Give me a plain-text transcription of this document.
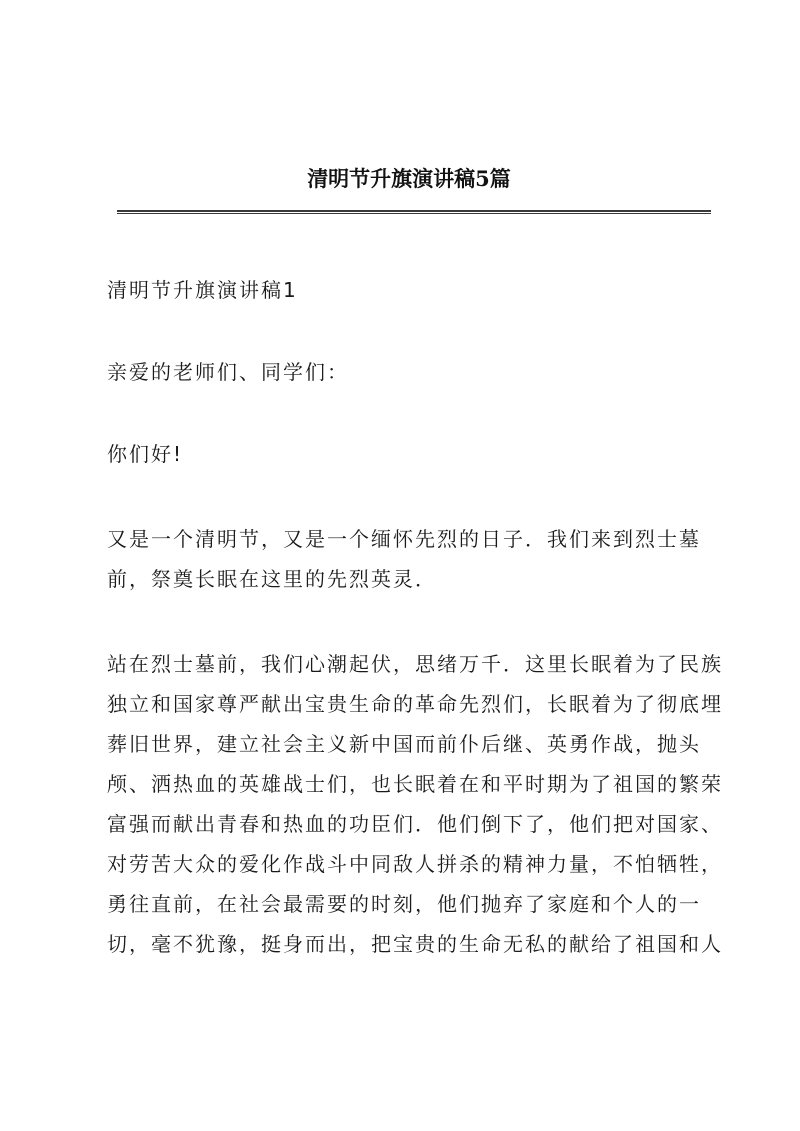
清明节升旗演讲稿5篇

清明节升旗演讲稿1

亲爱的老师们、同学们：

你们好!

又是一个清明节，又是一个缅怀先烈的日子．我们来到烈士墓
前，祭奠长眠在这里的先烈英灵．

站在烈士墓前，我们心潮起伏，思绪万千．这里长眠着为了民族
独立和国家尊严献出宝贵生命的革命先烈们，长眠着为了彻底埋
葬旧世界，建立社会主义新中国而前仆后继、英勇作战，抛头
颅、洒热血的英雄战士们，也长眠着在和平时期为了祖国的繁荣
富强而献出青春和热血的功臣们．他们倒下了，他们把对国家、
对劳苦大众的爱化作战斗中同敌人拼杀的精神力量，不怕牺牲，
勇往直前，在社会最需要的时刻，他们抛弃了家庭和个人的一
切，毫不犹豫，挺身而出，把宝贵的生命无私的献给了祖国和人
